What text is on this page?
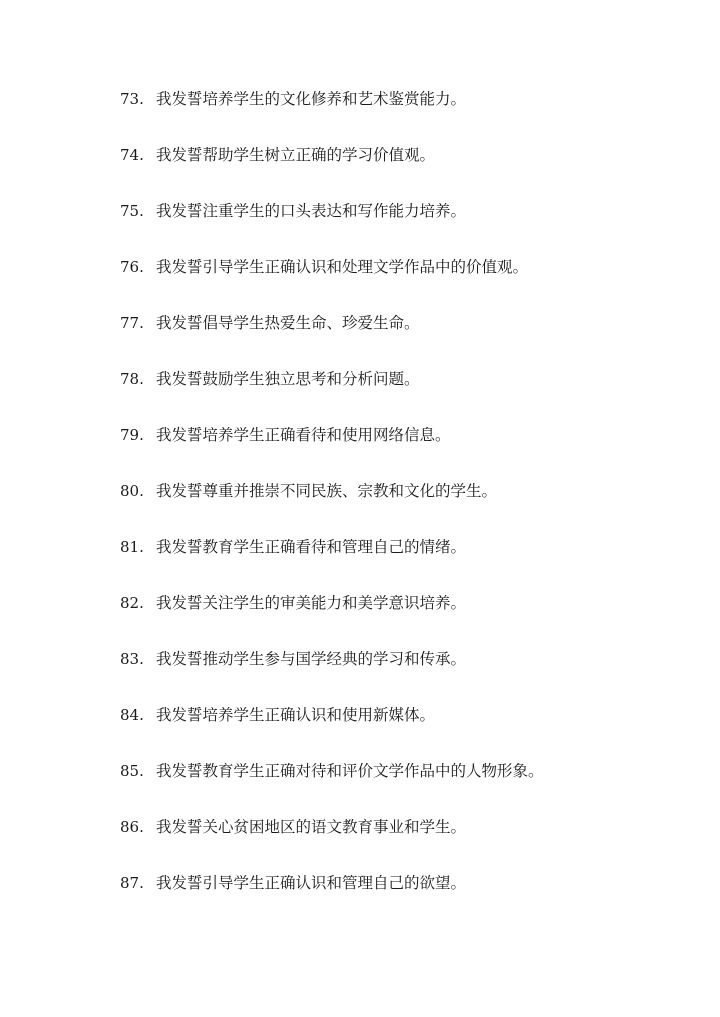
73. 我发誓培养学生的文化修养和艺术鉴赏能力。
74. 我发誓帮助学生树立正确的学习价值观。
75. 我发誓注重学生的口头表达和写作能力培养。
76. 我发誓引导学生正确认识和处理文学作品中的价值观。
77. 我发誓倡导学生热爱生命、珍爱生命。
78. 我发誓鼓励学生独立思考和分析问题。
79. 我发誓培养学生正确看待和使用网络信息。
80. 我发誓尊重并推崇不同民族、宗教和文化的学生。
81. 我发誓教育学生正确看待和管理自己的情绪。
82. 我发誓关注学生的审美能力和美学意识培养。
83. 我发誓推动学生参与国学经典的学习和传承。
84. 我发誓培养学生正确认识和使用新媒体。
85. 我发誓教育学生正确对待和评价文学作品中的人物形象。
86. 我发誓关心贫困地区的语文教育事业和学生。
87. 我发誓引导学生正确认识和管理自己的欲望。
